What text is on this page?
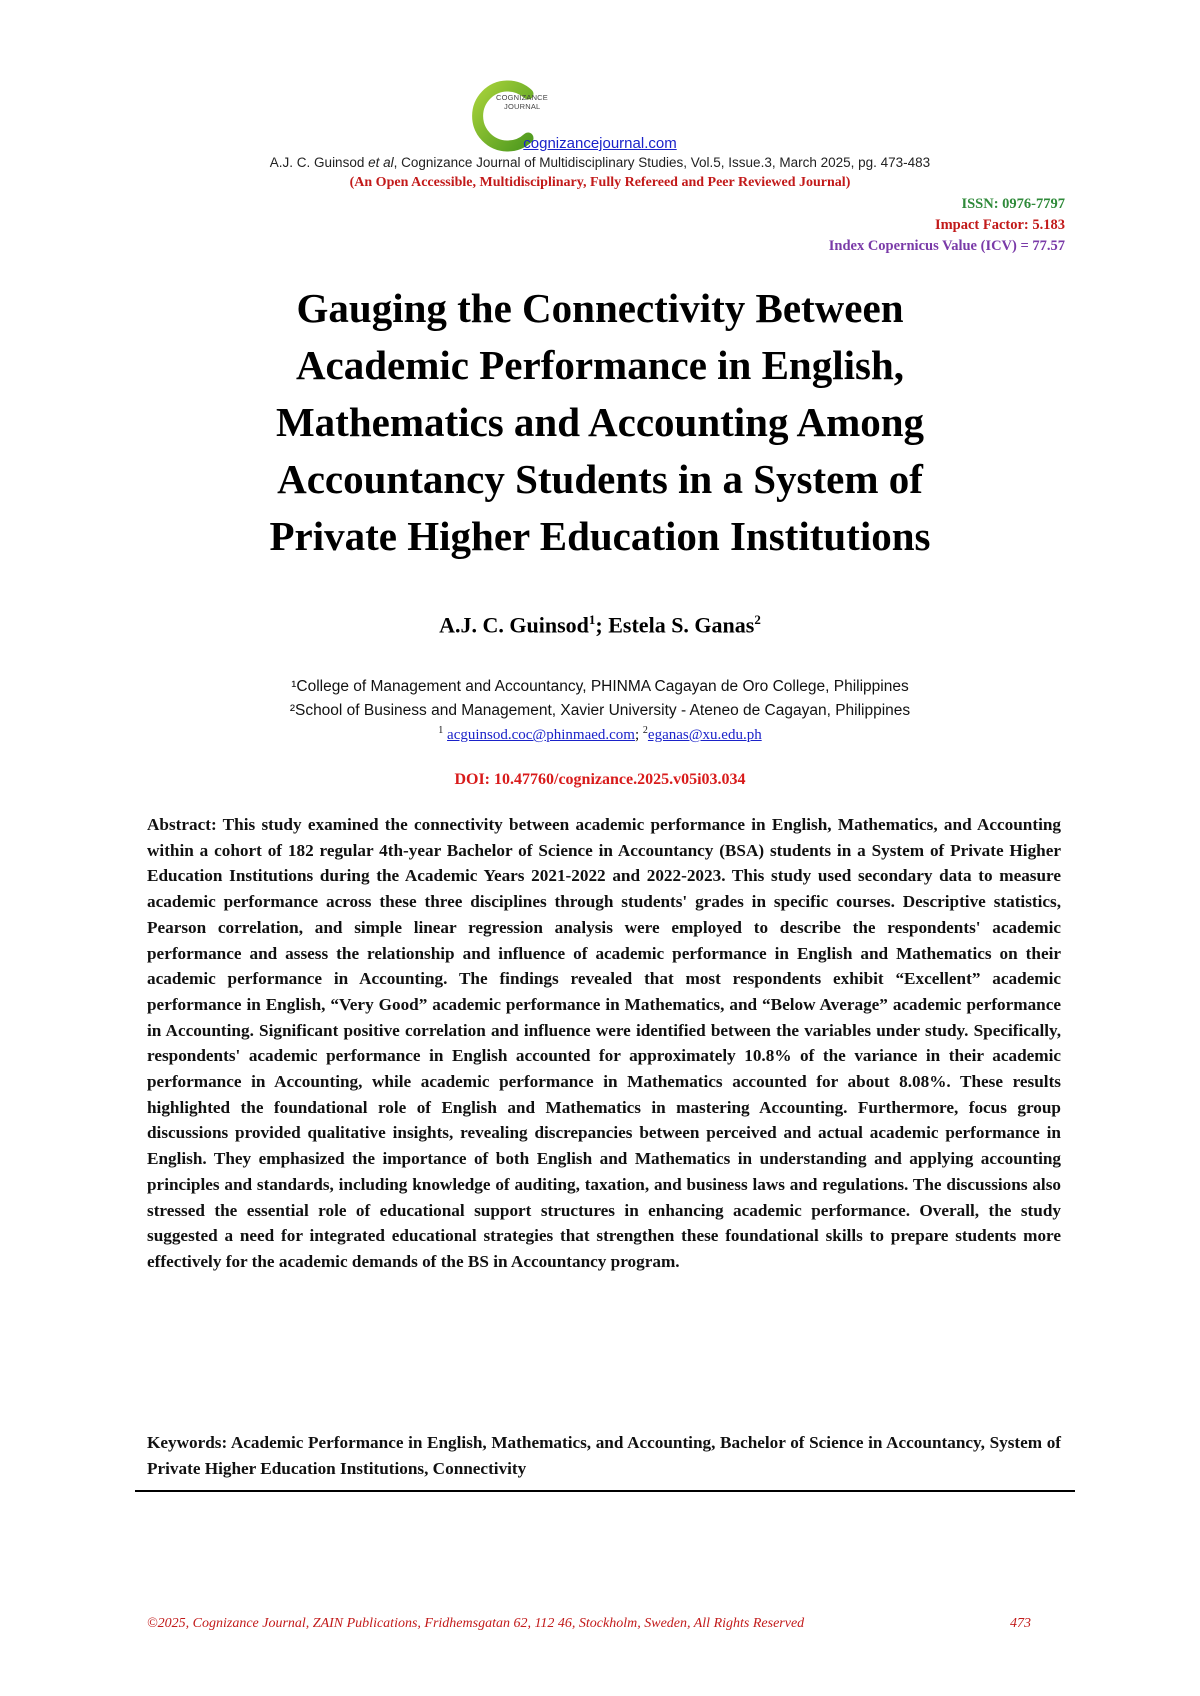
COGNIZANCE
JOURNAL
cognizancejournal.com
A.J. C. Guinsod et al, Cognizance Journal of Multidisciplinary Studies, Vol.5, Issue.3, March 2025, pg. 473-483
(An Open Accessible, Multidisciplinary, Fully Refereed and Peer Reviewed Journal)
ISSN: 0976-7797
Impact Factor: 5.183
Index Copernicus Value (ICV) = 77.57
Gauging the Connectivity Between
Academic Performance in English,
Mathematics and Accounting Among
Accountancy Students in a System of
Private Higher Education Institutions
A.J. C. Guinsod$^1$; Estela S. Ganas$^2$
¹College of Management and Accountancy, PHINMA Cagayan de Oro College, Philippines
²School of Business and Management, Xavier University - Ateneo de Cagayan, Philippines
$^1$ acguinsod.coc@phinmaed.com; $^2$eganas@xu.edu.ph
DOI: 10.47760/cognizance.2025.v05i03.034
Abstract: This study examined the connectivity between academic performance in English, Mathematics, and Accounting within a cohort of 182 regular 4th-year Bachelor of Science in Accountancy (BSA) students in a System of Private Higher Education Institutions during the Academic Years 2021-2022 and 2022-2023. This study used secondary data to measure academic performance across these three disciplines through students' grades in specific courses. Descriptive statistics, Pearson correlation, and simple linear regression analysis were employed to describe the respondents' academic performance and assess the relationship and influence of academic performance in English and Mathematics on their academic performance in Accounting. The findings revealed that most respondents exhibit “Excellent” academic performance in English, “Very Good” academic performance in Mathematics, and “Below Average” academic performance in Accounting. Significant positive correlation and influence were identified between the variables under study. Specifically, respondents' academic performance in English accounted for approximately 10.8% of the variance in their academic performance in Accounting, while academic performance in Mathematics accounted for about 8.08%. These results highlighted the foundational role of English and Mathematics in mastering Accounting. Furthermore, focus group discussions provided qualitative insights, revealing discrepancies between perceived and actual academic performance in English. They emphasized the importance of both English and Mathematics in understanding and applying accounting principles and standards, including knowledge of auditing, taxation, and business laws and regulations. The discussions also stressed the essential role of educational support structures in enhancing academic performance. Overall, the study suggested a need for integrated educational strategies that strengthen these foundational skills to prepare students more effectively for the academic demands of the BS in Accountancy program.
Keywords: Academic Performance in English, Mathematics, and Accounting, Bachelor of Science in Accountancy, System of Private Higher Education Institutions, Connectivity
©2025, Cognizance Journal, ZAIN Publications, Fridhemsgatan 62, 112 46, Stockholm, Sweden, All Rights Reserved	473
